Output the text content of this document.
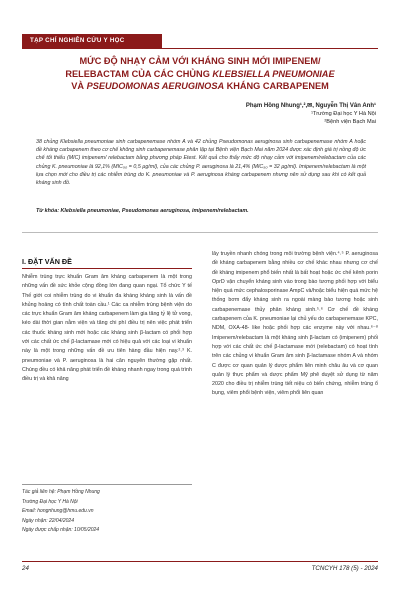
TẠP CHÍ NGHIÊN CỨU Y HỌC
MỨC ĐỘ NHẠY CẢM VỚI KHÁNG SINH MỚI IMIPENEM/
RELEBACTAM CỦA CÁC CHỦNG KLEBSIELLA PNEUMONIAE
VÀ PSEUDOMONAS AERUGINOSA KHÁNG CARBAPENEM
Phạm Hồng Nhung¹,²,✉, Nguyễn Thị Vân Anh¹
¹Trường Đại học Y Hà Nội
²Bệnh viện Bạch Mai
38 chủng Klebsiella pneumoniae sinh carbapenemase nhóm A và 42 chủng Pseudomonas aeruginosa sinh carbapenemase nhóm A hoặc đề kháng carbapenem theo cơ chế không sinh carbapenemase phân lập tại Bệnh viện Bạch Mai năm 2024 được xác định giá trị nồng độ ức chế tối thiểu (MIC) imipenem/ relebactam bằng phương pháp Etest. Kết quả cho thấy mức độ nhạy cảm với imipenem/relebactam của các chủng K. pneumoniae là 92,1% (MIC₅₀ = 0,5 µg/ml), của các chủng P. aeruginosa là 21,4% (MIC₅₀ = 32 µg/ml). Imipenem/relebactam là một lựa chọn mới cho điều trị các nhiễm trùng do K. pneumoniae và P. aeruginosa kháng carbapenem nhưng nên sử dụng sau khi có kết quả kháng sinh đồ.
Từ khóa: Klebsiella pneumoniae, Pseudomonas aeruginosa, imipenem/relebactam.
I. ĐẶT VẤN ĐỀ

Nhiễm trùng trực khuẩn Gram âm kháng carbapenem là một trong những vấn đề sức khỏe cộng đồng lớn đang quan ngại. Tổ chức Y tế Thế giới coi nhiễm trùng do vi khuẩn đa kháng kháng sinh là vấn đề khủng hoảng có tính chất toàn cầu.¹ Các ca nhiễm trùng bệnh viện do các trực khuẩn Gram âm kháng carbapenem làm gia tăng tỷ lệ tử vong, kéo dài thời gian nằm viện và tăng chi phí điều trị nên việc phát triển các thuốc kháng sinh mới hoặc các kháng sinh β-lactam có phối hợp với các chất ức chế β-lactamase mới có hiệu quả với các loại vi khuẩn này là một trong những vấn đề ưu tiên hàng đầu hiện nay.²˒³ K. pneumoniae và P. aeruginosa là hai căn nguyên thường gặp nhất. Chúng đều có khả năng phát triển đề kháng nhanh ngay trong quá trình điều trị và khả năng

lây truyền nhanh chóng trong môi trường bệnh viện.⁴˒⁵ P. aeruginosa đề kháng carbapenem bằng nhiều cơ chế khác nhau nhưng cơ chế đề kháng imipenem phổ biến nhất là bất hoạt hoặc ức chế kênh porin OprD vận chuyển kháng sinh vào trong bào tương phối hợp với biểu hiện quá mức cephalosporinase AmpC và/hoặc biểu hiện quá mức hệ thống bơm đẩy kháng sinh ra ngoài màng bào tương hoặc sinh carbapenemase thủy phân kháng sinh.⁵˒⁶ Cơ chế đề kháng carbapenem của K. pneumoniae lại chủ yếu do carbapenemase KPC, NDM, OXA-48- like hoặc phối hợp các enzyme này với nhau.⁶⁻⁸ Imipenem/relebactam là một kháng sinh β-lactam có (imipenem) phối hợp với các chất ức chế β-lactamase mới (relebactam) có hoạt tính trên các chủng vi khuẩn Gram âm sinh β-lactamase nhóm A và nhóm C được cơ quan quản lý dược phẩm liên minh châu âu và cơ quan quản lý thực phẩm và dược phẩm Mỹ phê duyệt sử dụng từ năm 2020 cho điều trị nhiễm trùng tiết niệu có biến chứng, nhiễm trùng ổ bụng, viêm phổi bệnh viện, viêm phổi liên quan

Tác giả liên hệ: Phạm Hồng Nhung
Trường Đại học Y Hà Nội
Email: hongnhung@hmu.edu.vn
Ngày nhận: 22/04/2024
Ngày được chấp nhận: 10/05/2024
24	TCNCYH 178 (5) - 2024
